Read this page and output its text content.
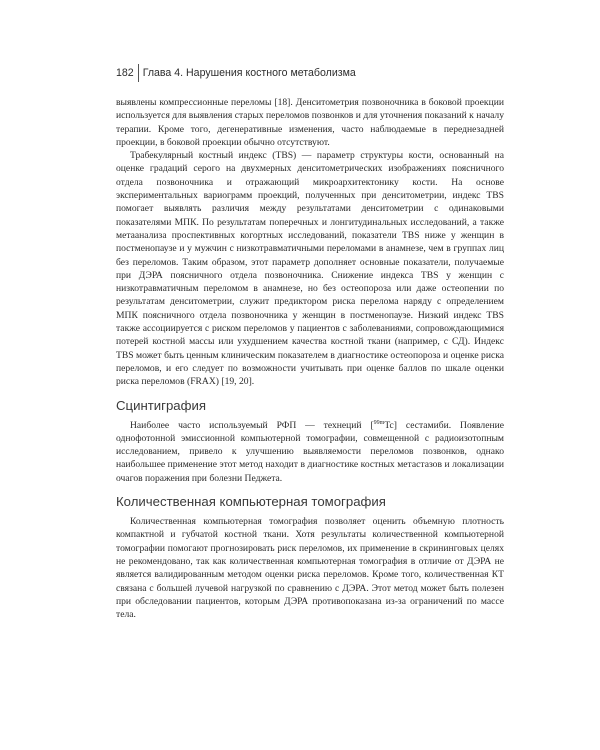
182 Глава 4. Нарушения костного метаболизма

выявлены компрессионные переломы [18]. Денситометрия позвоночника в боковой проекции используется для выявления старых переломов позвонков и для уточнения показаний к началу терапии. Кроме того, дегенеративные изменения, часто наблюдаемые в переднезадней проекции, в боковой проекции обычно отсутствуют.

Трабекулярный костный индекс (TBS) — параметр структуры кости, основанный на оценке градаций серого на двухмерных денситометрических изображениях поясничного отдела позвоночника и отражающий микроархитектонику кости. На основе экспериментальных вариограмм проекций, полученных при денситометрии, индекс TBS помогает выявлять различия между результатами денситометрии с одинаковыми показателями МПК. По результатам поперечных и лонгитудинальных исследований, а также метаанализа проспективных когортных исследований, показатели TBS ниже у женщин в постменопаузе и у мужчин с низкотравматичными переломами в анамнезе, чем в группах лиц без переломов. Таким образом, этот параметр дополняет основные показатели, получаемые при ДЭРА поясничного отдела позвоночника. Снижение индекса TBS у женщин с низкотравматичным переломом в анамнезе, но без остеопороза или даже остеопении по результатам денситометрии, служит предиктором риска перелома наряду с определением МПК поясничного отдела позвоночника у женщин в постменопаузе. Низкий индекс TBS также ассоциируется с риском переломов у пациентов с заболеваниями, сопровождающимися потерей костной массы или ухудшением качества костной ткани (например, с СД). Индекс TBS может быть ценным клиническим показателем в диагностике остеопороза и оценке риска переломов, и его следует по возможности учитывать при оценке баллов по шкале оценки риска переломов (FRAX) [19, 20].

Сцинтиграфия

Наиболее часто используемый РФП — технеций [$^{99m}$Tc] сестамиби. Появление однофотонной эмиссионной компьютерной томографии, совмещенной с радиоизотопным исследованием, привело к улучшению выявляемости переломов позвонков, однако наибольшее применение этот метод находит в диагностике костных метастазов и локализации очагов поражения при болезни Педжета.

Количественная компьютерная томография

Количественная компьютерная томография позволяет оценить объемную плотность компактной и губчатой костной ткани. Хотя результаты количественной компьютерной томографии помогают прогнозировать риск переломов, их применение в скрининговых целях не рекомендовано, так как количественная компьютерная томография в отличие от ДЭРА не является валидированным методом оценки риска переломов. Кроме того, количественная КТ связана с большей лучевой нагрузкой по сравнению с ДЭРА. Этот метод может быть полезен при обследовании пациентов, которым ДЭРА противопоказана из-за ограничений по массе тела.
